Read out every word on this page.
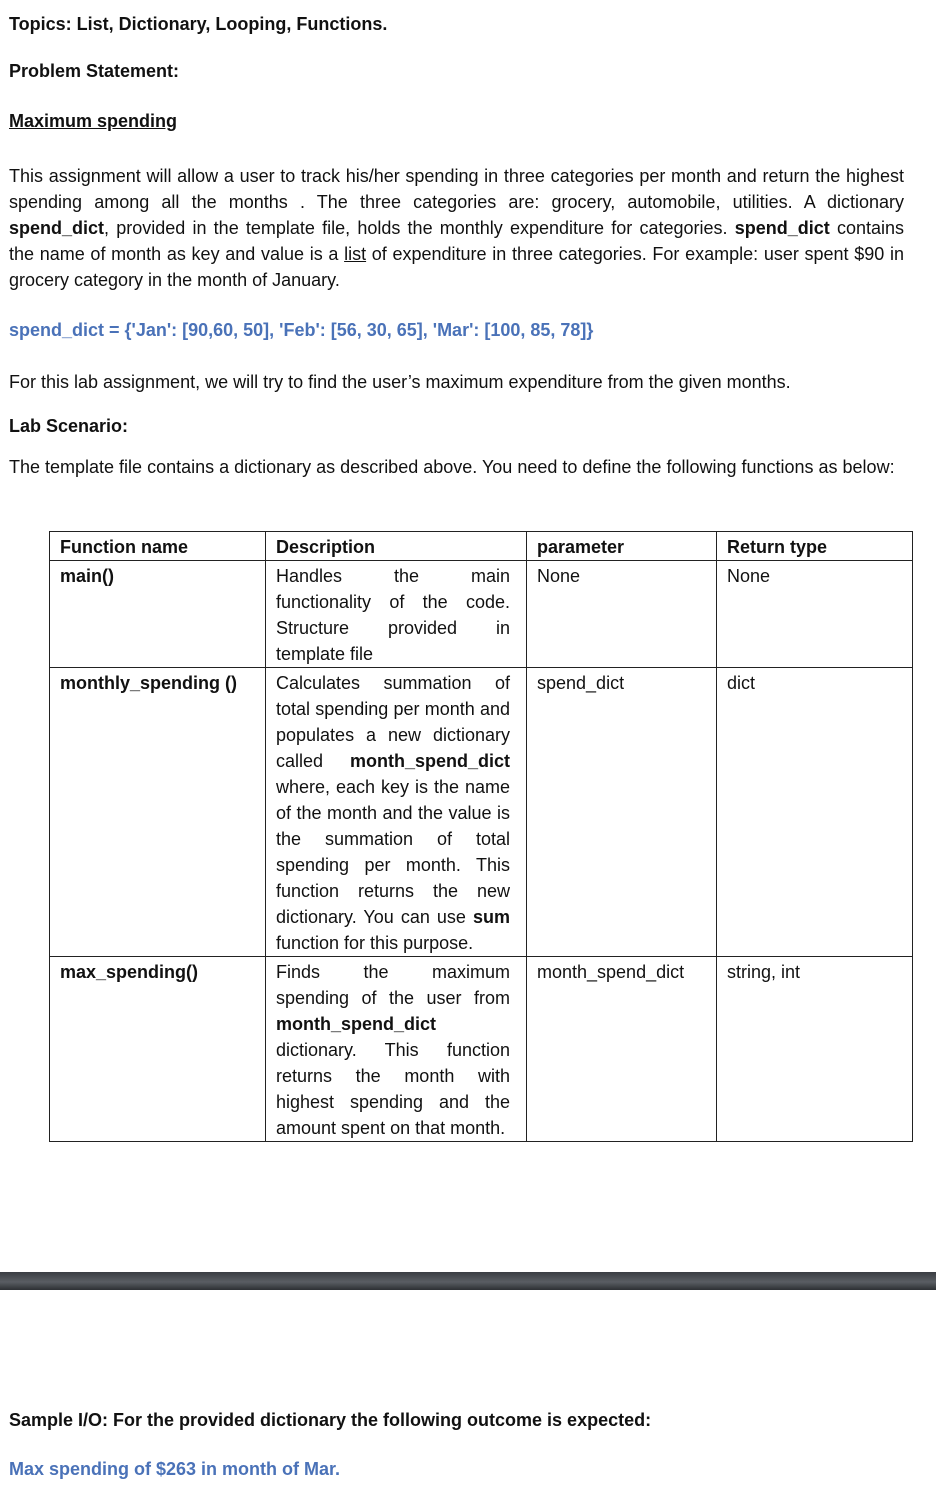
Topics: List, Dictionary, Looping, Functions.
Problem Statement:
Maximum spending
This assignment will allow a user to track his/her spending in three categories per month and return the highest spending among all the months . The three categories are: grocery, automobile, utilities. A dictionary spend_dict, provided in the template file, holds the monthly expenditure for categories. spend_dict contains the name of month as key and value is a list of expenditure in three categories. For example: user spent $90 in grocery category in the month of January.
spend_dict = {'Jan': [90,60, 50], 'Feb': [56, 30, 65], 'Mar': [100, 85, 78]}
For this lab assignment, we will try to find the user’s maximum expenditure from the given months.
Lab Scenario:
The template file contains a dictionary as described above. You need to define the following functions as below:
Function name	Description	parameter	Return type
main()	Handles the main functionality of the code. Structure provided in template file	None	None
monthly_spending ()	Calculates summation of total spending per month and populates a new dictionary called month_spend_dict where, each key is the name of the month and the value is the summation of total spending per month. This function returns the new dictionary. You can use sum function for this purpose.	spend_dict	dict
max_spending()	Finds the maximum spending of the user from month_spend_dict dictionary. This function returns the month with highest spending and the amount spent on that month.	month_spend_dict	string, int
Sample I/O: For the provided dictionary the following outcome is expected:
Max spending of $263 in month of Mar.
